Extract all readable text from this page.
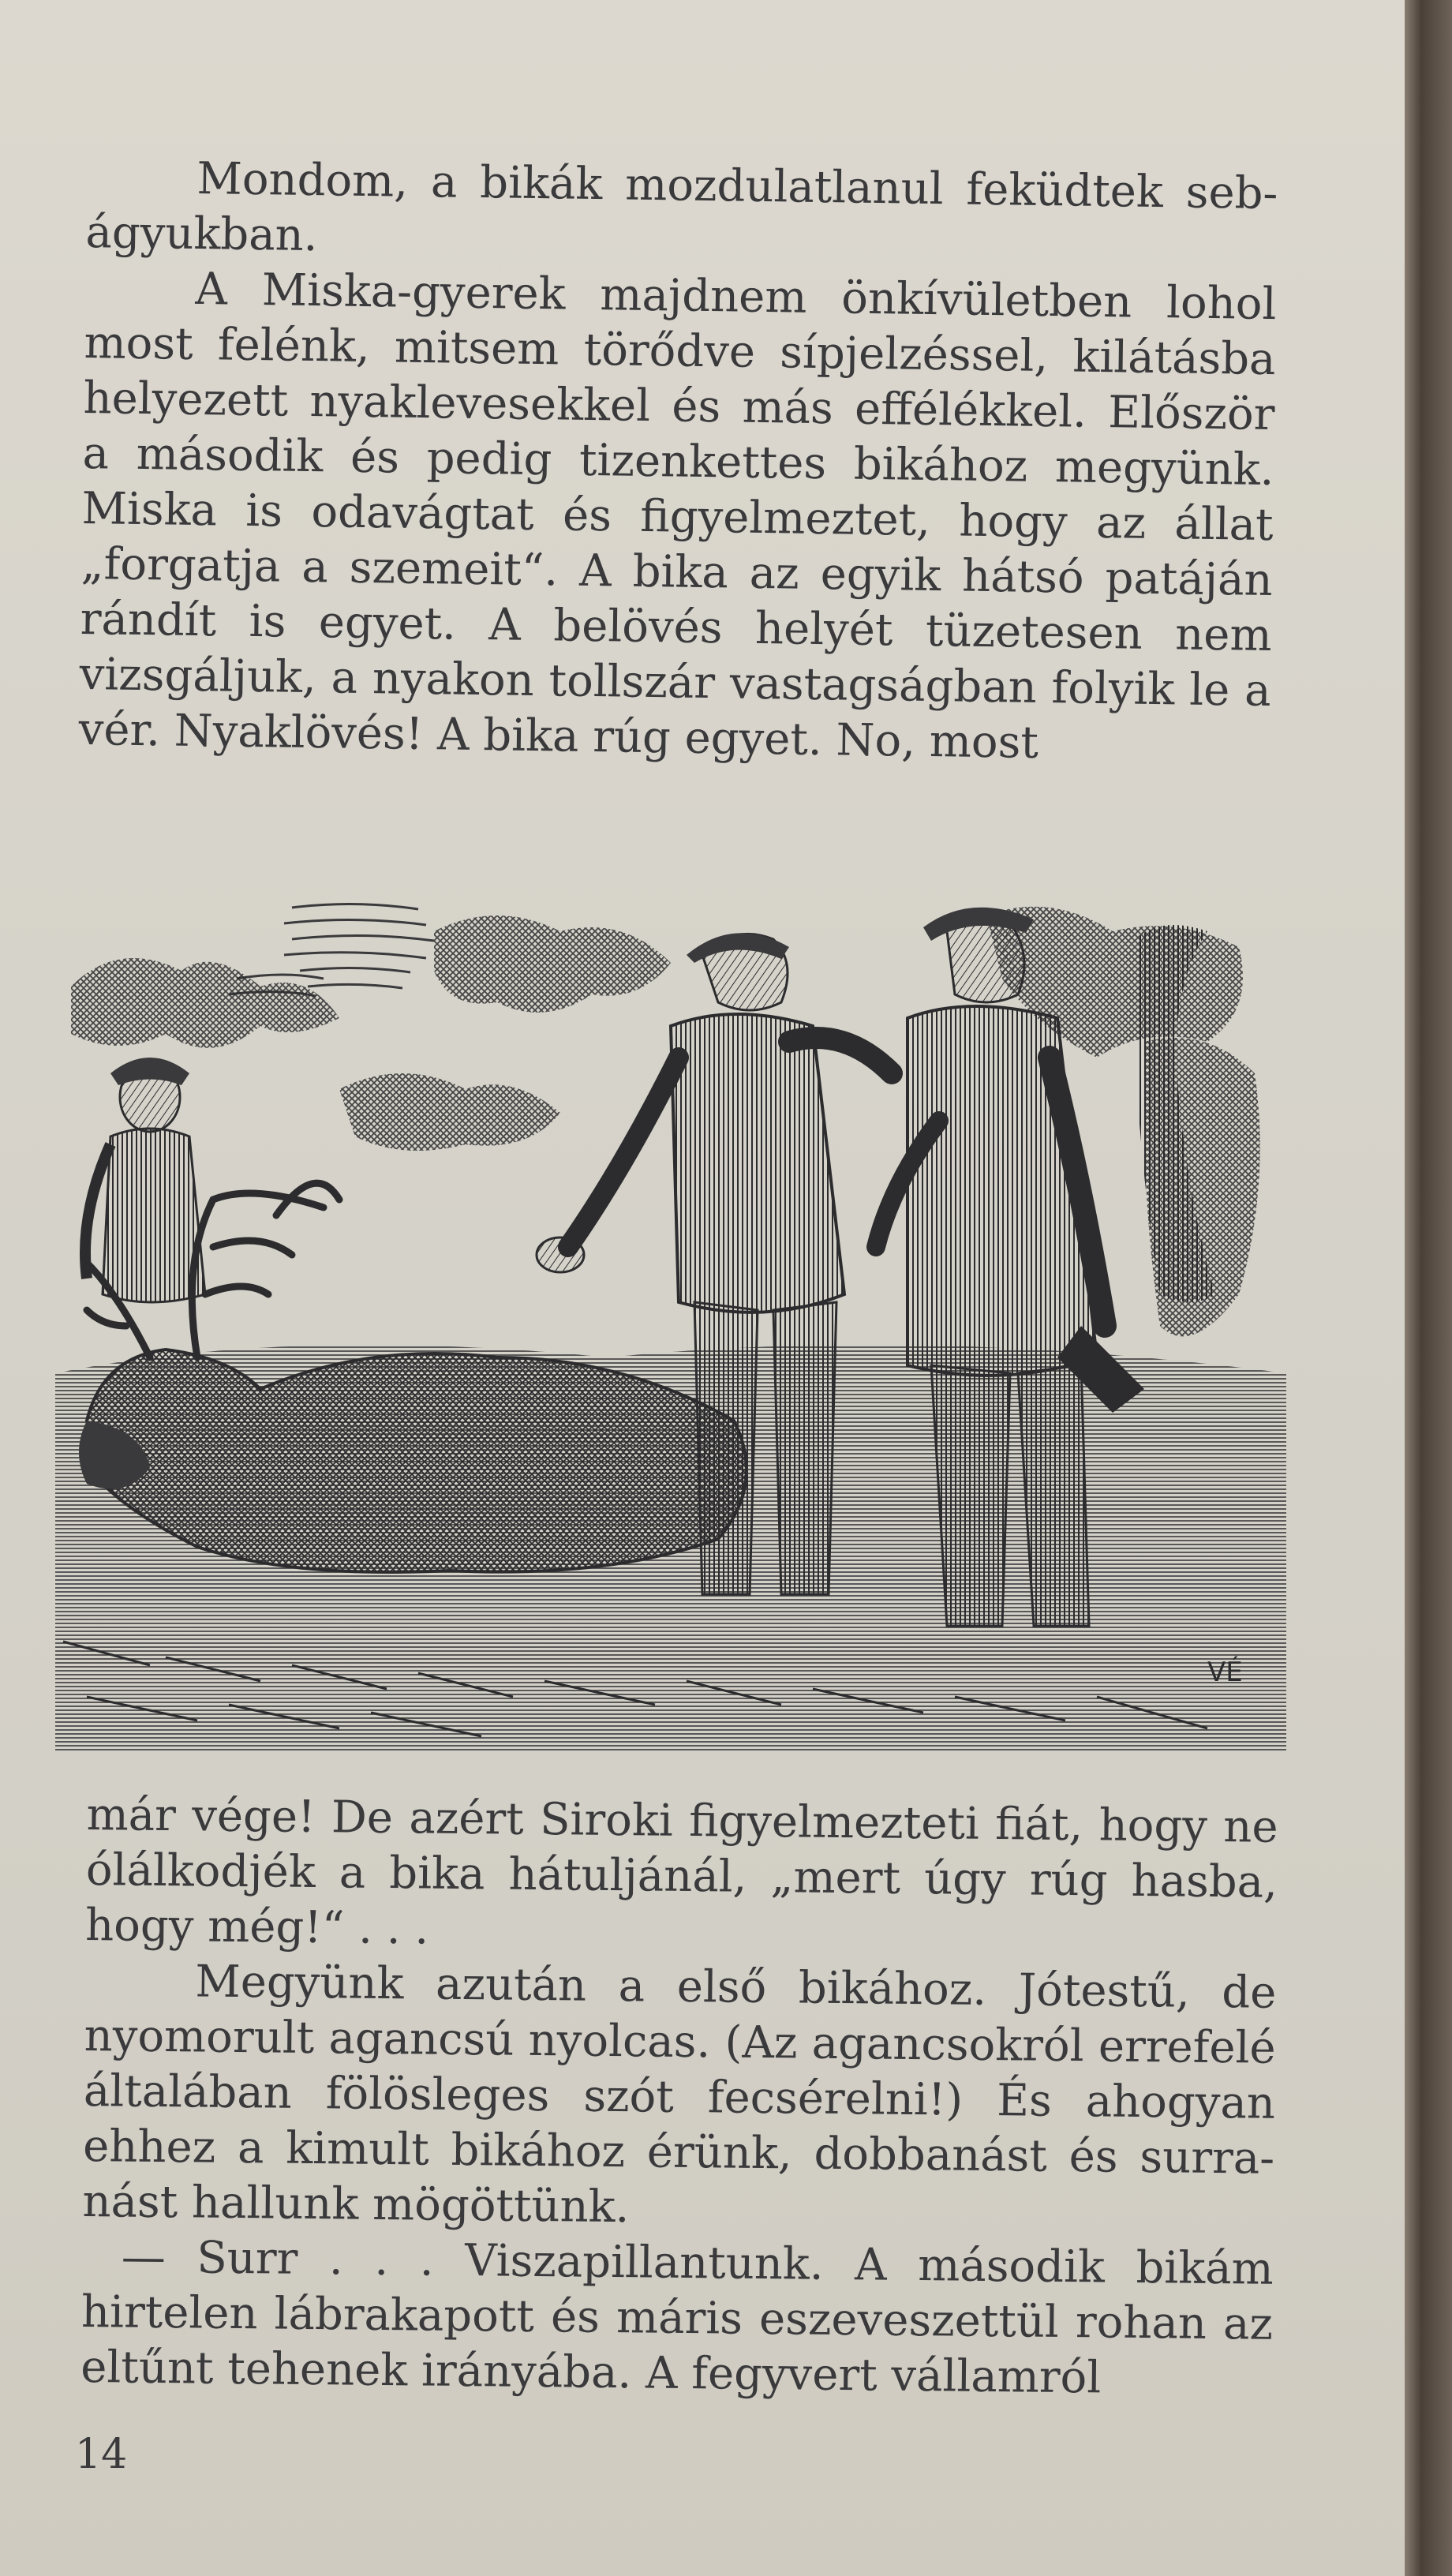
Mondom, a bikák mozdulatlanul feküdtek seb-ágyukban.

A Miska-gyerek majdnem önkívületben lohol most felénk, mitsem törődve sípjelzéssel, kilátásba helyezett nyaklevesekkel és más effélékkel. Először a második és pedig tizenkettes bikához megyünk. Miska is odavágtat és figyelmeztet, hogy az állat „forgatja a szemeit“. A bika az egyik hátsó patáján rándít is egyet. A belövés helyét tüzetesen nem vizsgáljuk, a nyakon tollszár vastagságban folyik le a vér. Nyaklövés! A bika rúg egyet. No, most

VÉ

már vége! De azért Siroki figyelmezteti fiát, hogy ne ólálkodjék a bika hátuljánál, „mert úgy rúg hasba, hogy még!“ . . .

Megyünk azután a első bikához. Jótestű, de nyomorult agancsú nyolcas. (Az agancsokról errefelé általában fölösleges szót fecsérelni!) És ahogyan ehhez a kimult bikához érünk, dobbanást és surra-nást hallunk mögöttünk.

— Surr . . . Viszapillantunk. A második bikám hirtelen lábrakapott és máris eszeveszettül rohan az eltűnt tehenek irányába. A fegyvert vállamról

14
